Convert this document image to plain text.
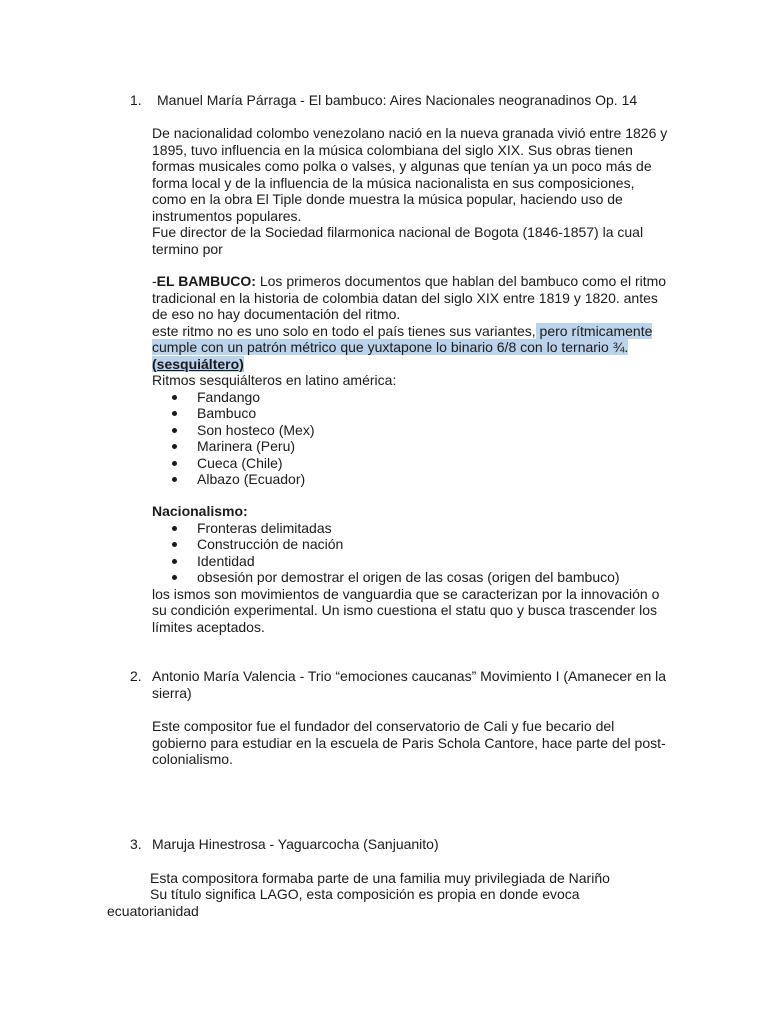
1. Manuel María Párraga - El bambuco: Aires Nacionales neogranadinos Op. 14

De nacionalidad colombo venezolano nació en la nueva granada vivió entre 1826 y

1895, tuvo influencia en la música colombiana del siglo XIX. Sus obras tienen

formas musicales como polka o valses, y algunas que tenían ya un poco más de

forma local y de la influencia de la música nacionalista en sus composiciones,

como en la obra El Tiple donde muestra la música popular, haciendo uso de

instrumentos populares.

Fue director de la Sociedad filarmonica nacional de Bogota (1846-1857) la cual

termino por

-EL BAMBUCO: Los primeros documentos que hablan del bambuco como el ritmo

tradicional en la historia de colombia datan del siglo XIX entre 1819 y 1820. antes

de eso no hay documentación del ritmo.

este ritmo no es uno solo en todo el país tienes sus variantes, pero rítmicamente

cumple con un patrón métrico que yuxtapone lo binario 6/8 con lo ternario ¾.

(sesquiáltero)

Ritmos sesquiálteros en latino américa:

Fandango
Bambuco
Son hosteco (Mex)
Marinera (Peru)
Cueca (Chile)
Albazo (Ecuador)

Nacionalismo:

Fronteras delimitadas
Construcción de nación
Identidad
obsesión por demostrar el origen de las cosas (origen del bambuco)

los ismos son movimientos de vanguardia que se caracterizan por la innovación o

su condición experimental. Un ismo cuestiona el statu quo y busca trascender los

límites aceptados.

2. Antonio María Valencia - Trio “emociones caucanas” Movimiento I (Amanecer en la

sierra)

Este compositor fue el fundador del conservatorio de Cali y fue becario del

gobierno para estudiar en la escuela de Paris Schola Cantore, hace parte del post-

colonialismo.

3. Maruja Hinestrosa - Yaguarcocha (Sanjuanito)
Esta compositora formaba parte de una familia muy privilegiada de Nariño
Su título significa LAGO, esta composición es propia en donde evoca
ecuatorianidad
